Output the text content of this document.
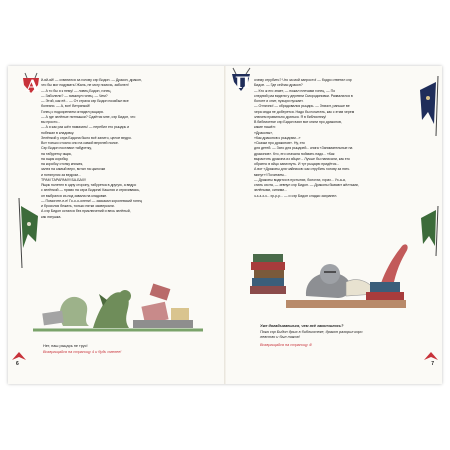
А й-яй-яй! — схватился за голову сэр Бидон. — Дракон, дракон,
что бы мог подумать! Жаль, не могу помочь, заболел!
— А то бы я к нему! — ловец Бидон, гонец.
— Заболели? — хмыкнул гонец. — Чем?
— Этой, как её... — От страха сэр Бидон позабыл все
болезни. — А, вот! Ветрянкой!
Гонец с подозрением оглядел рыцаря.
— А где зелёные пятнышки? Сдаётся мне, сэр Бидон, что
вы просто...
— А я как раз шёл намазать! — перебил его рыцарь и
побежал в кладовку.
Зелёнкой у сэра Бидона было всё залито, целое ведро.
Вот только стояло оно на самой верхней полке.
Сэр Бидон поставил табуретку,
на табуретку ящик,
на ящик коробку,
на коробку стопку книжек,
залез на самый верх, встал на цыпочки
и потянулся за ведром...
ТРАМ ТАРАРАМ!!! БА-БАХ!!
Ящик полетел в одну сторону, табуретка в другую, а ведро
с зелёнкой — прямо на сэра Бидона! Кашляя и отряхиваясь,
он выбрался из-под завала на кладовке.
— Помогите-е-е! Го-о-о-олени! — заскакал королевский гонец
и бросился бежать, только пятки засверкали.
А сэр Бидон остался без приключений и весь зелёный,
как лягушка.
Нет, наш рыцарь не трус!
Возвращайся на страницу 4 и будь смелее!
6
П очему отрубить? Что за мой запросто! — бодро ответил сэр
Бидон. — Где сейчас дракон?
— Кто ж его знает, — пожал плечами гонец. — По
следний раз видели у деревни Смородиновки. Развалился в
болоте и спит, пузыри пускает.
— Отлично! — обрадовался рыцарь. — Значит, раньше ве
чера сюда не доберется. Надо бы почитать, как с этим черем
злючем правильно драться. Я в библиотеку!
В библиотеке сэр Бидон взял все книги про драконов,
какие нашёл:
«Драконы»,
«Как драконов к рыцарям...»
«Сказки про драконов». Ну, это
для детей. — Зато для рыцарей... книга «Занимательные на
драконов». Кто, его сначала поймать надо... «Как
вырастить дракона из яйца»... Лучше бы написали, как его
обратно в яйцо запихнуть. И тут рыцарю придётся...
А вот «Драконы для чайников: как отрубить голову за пять
минут»! Почитаем...
— Драконы водятся в пустынях, болотах, горах... Ух-а-а,
спать охота, — зевнул сэр Бидон. — Драконы бывают жёлтыми,
зелёными, синими...
з-з-з-з-з... хр-р-р... — и сэр Бидон сладко захрапел.
Уже догадываешься, чем всё закончилось?
Пока сэр Бидон дрых в библиотеке, дракон разорил коро
левство и был таков!
Возвращайся на страницу 4!
7
